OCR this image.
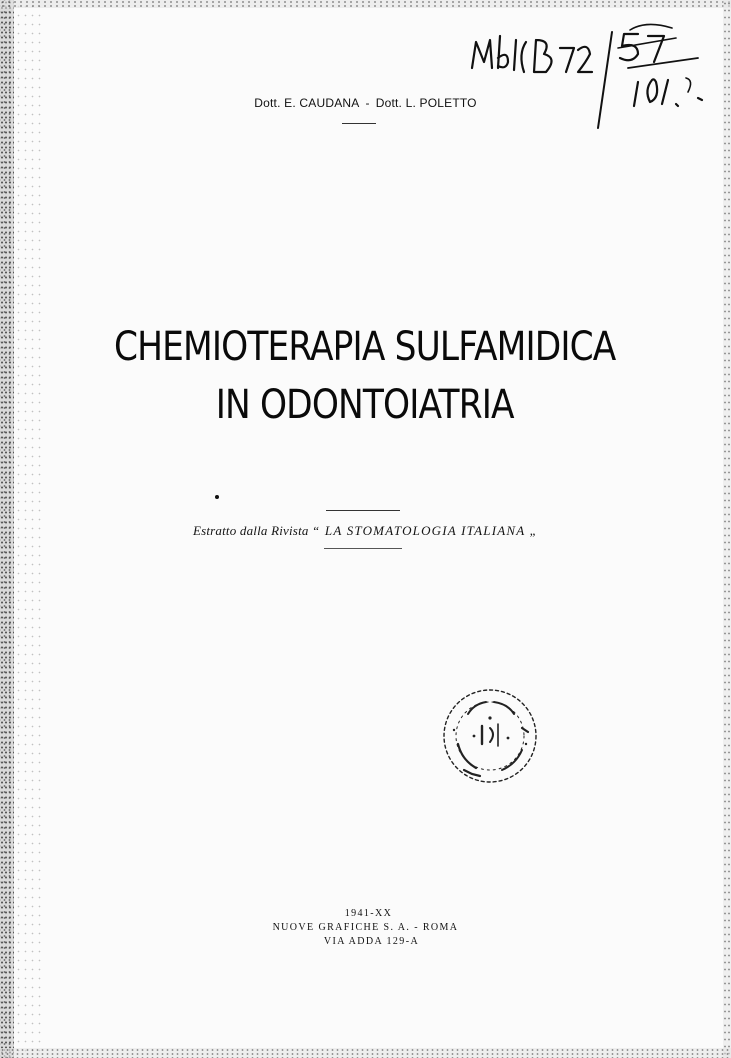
Dott. E. CAUDANA - Dott. L. POLETTO
CHEMIOTERAPIA SULFAMIDICA
IN ODONTOIATRIA
Estratto dalla Rivista “ LA STOMATOLOGIA ITALIANA „
1941-XX
NUOVE GRAFICHE S. A. - ROMA
VIA ADDA 129-A
